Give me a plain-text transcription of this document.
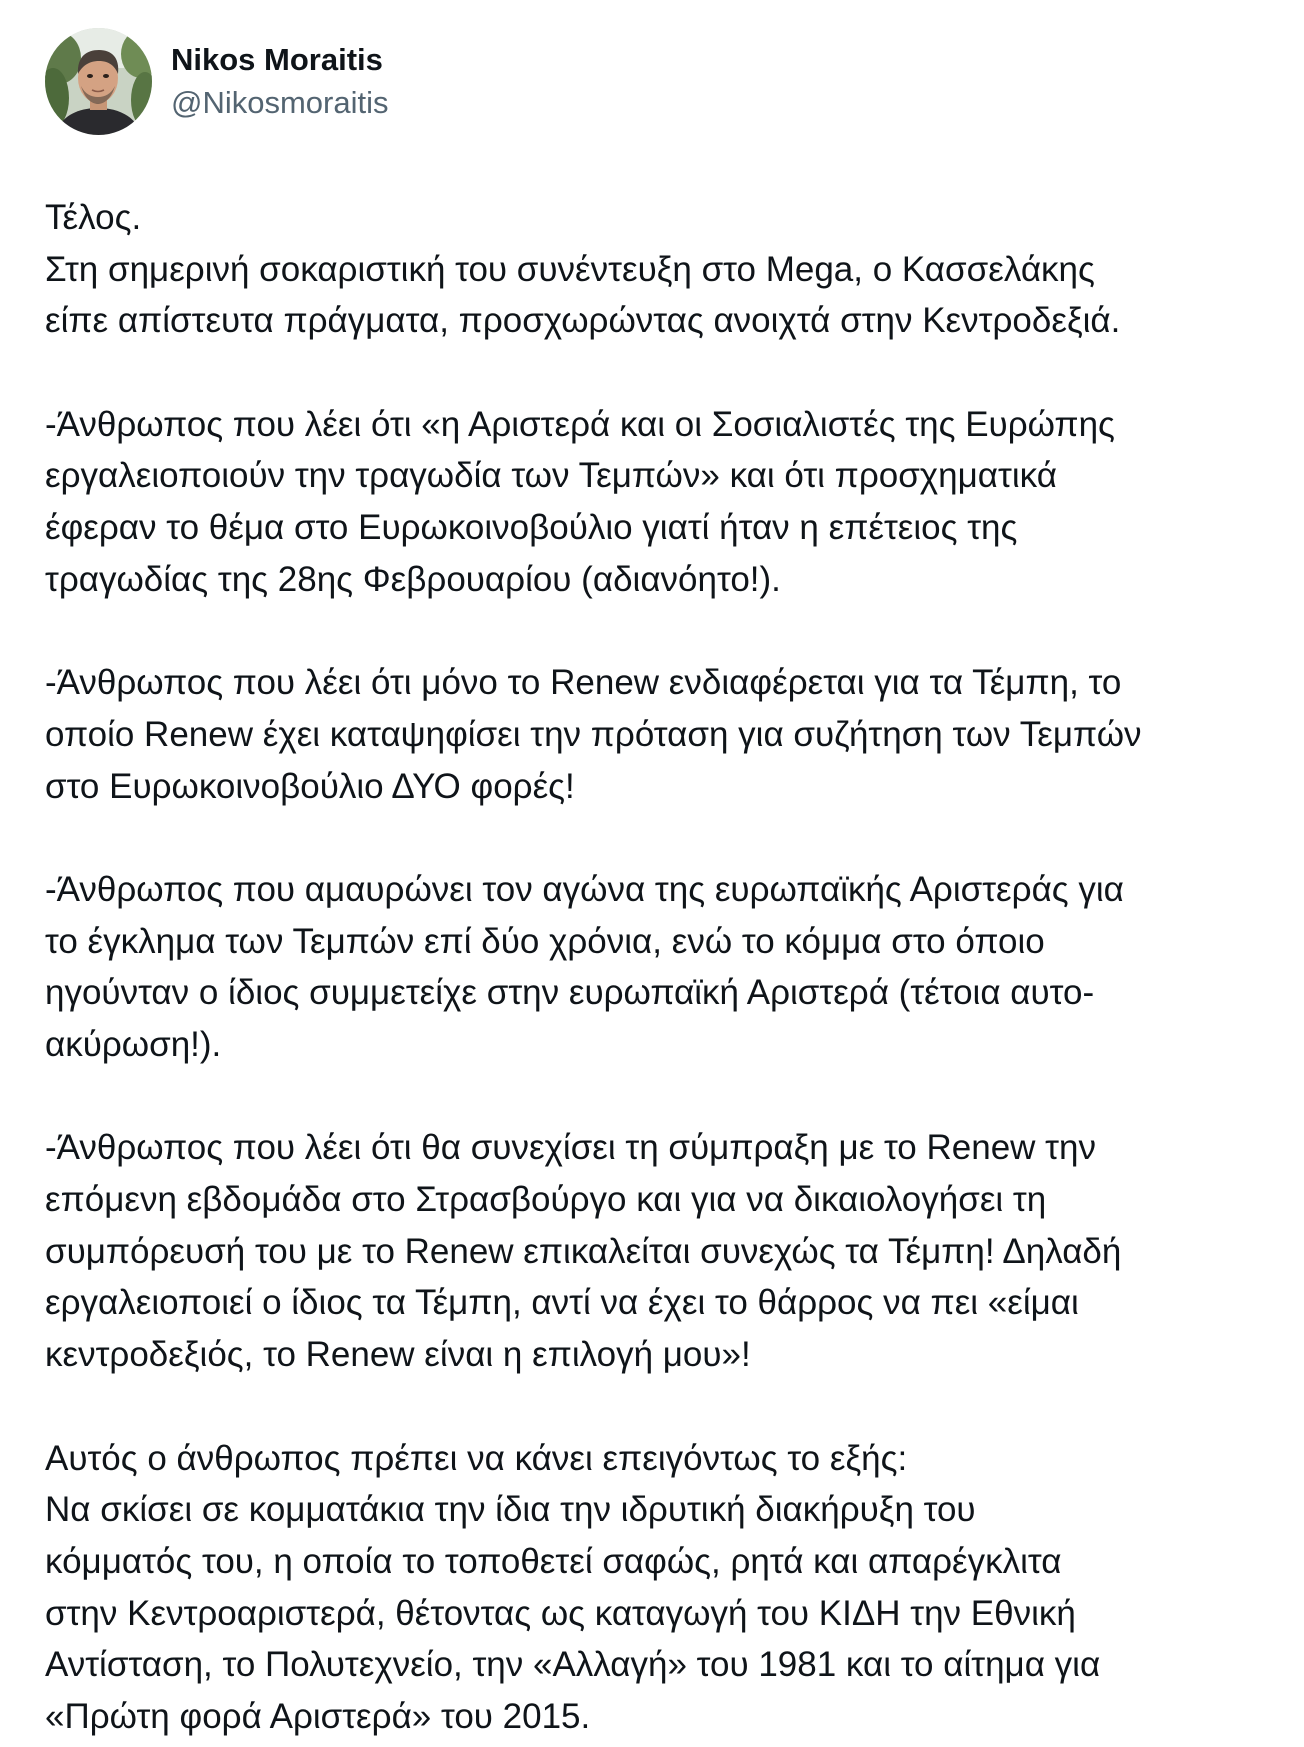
Nikos Moraitis
@Nikosmoraitis
Τέλος.
Στη σημερινή σοκαριστική του συνέντευξη στο Mega, ο Κασσελάκης
είπε απίστευτα πράγματα, προσχωρώντας ανοιχτά στην Κεντροδεξιά.
-Άνθρωπος που λέει ότι «η Αριστερά και οι Σοσιαλιστές της Ευρώπης
εργαλειοποιούν την τραγωδία των Τεμπών» και ότι προσχηματικά
έφεραν το θέμα στο Ευρωκοινοβούλιο γιατί ήταν η επέτειος της
τραγωδίας της 28ης Φεβρουαρίου (αδιανόητο!).
-Άνθρωπος που λέει ότι μόνο το Renew ενδιαφέρεται για τα Τέμπη, το
οποίο Renew έχει καταψηφίσει την πρόταση για συζήτηση των Τεμπών
στο Ευρωκοινοβούλιο ΔΥΟ φορές!
-Άνθρωπος που αμαυρώνει τον αγώνα της ευρωπαϊκής Αριστεράς για
το έγκλημα των Τεμπών επί δύο χρόνια, ενώ το κόμμα στο όποιο
ηγούνταν ο ίδιος συμμετείχε στην ευρωπαϊκή Αριστερά (τέτοια αυτο-
ακύρωση!).
-Άνθρωπος που λέει ότι θα συνεχίσει τη σύμπραξη με το Renew την
επόμενη εβδομάδα στο Στρασβούργο και για να δικαιολογήσει τη
συμπόρευσή του με το Renew επικαλείται συνεχώς τα Τέμπη! Δηλαδή
εργαλειοποιεί ο ίδιος τα Τέμπη, αντί να έχει το θάρρος να πει «είμαι
κεντροδεξιός, το Renew είναι η επιλογή μου»!
Αυτός ο άνθρωπος πρέπει να κάνει επειγόντως το εξής:
Να σκίσει σε κομματάκια την ίδια την ιδρυτική διακήρυξη του
κόμματός του, η οποία το τοποθετεί σαφώς, ρητά και απαρέγκλιτα
στην Κεντροαριστερά, θέτοντας ως καταγωγή του ΚΙΔΗ την Εθνική
Αντίσταση, το Πολυτεχνείο, την «Αλλαγή» του 1981 και το αίτημα για
«Πρώτη φορά Αριστερά» του 2015.
